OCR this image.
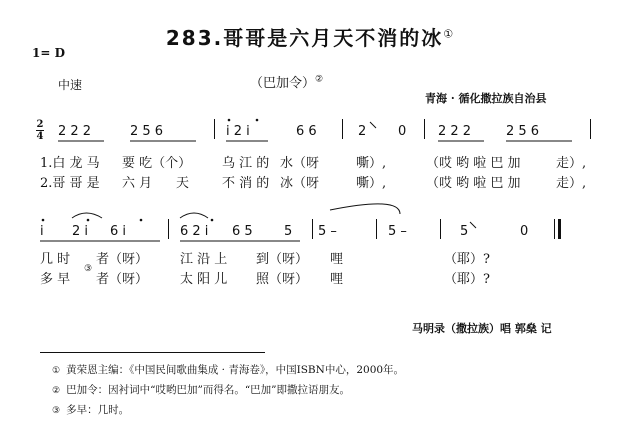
283.哥哥是六月天不消的冰①
1= D
中速	（巴加令）②
青海 · 循化撒拉族自治县
2
4 2 2 2	2 5 6	i 2 i	6 6	2 0 2 2 2	2 5 6
1.白 龙 马 要 吃（个） 乌 江 的 水（呀	嘶）,	（哎 哟 啦 巴 加	走）,
2.哥 哥 是 六 月 天	不 消 的 冰（呀	嘶）,	（哎 哟 啦 巴 加	走）,
i 2 i 6 i	6 2 i 6 5 5 5 –	5 –	5	0
几 时 者（呀） 江 沿 上 到（呀） 哩	（耶）?
多 早
③
者（呀） 太 阳 儿 照（呀） 哩	（耶）?
马明录（撒拉族）唱 郭燊 记
① 黄荣恩主编：《中国民间歌曲集成 · 青海卷》，中国ISBN中心，2000年。
② 巴加令：因衬词中“哎哟巴加”而得名。“巴加”即撒拉语朋友。
③ 多早：几时。
